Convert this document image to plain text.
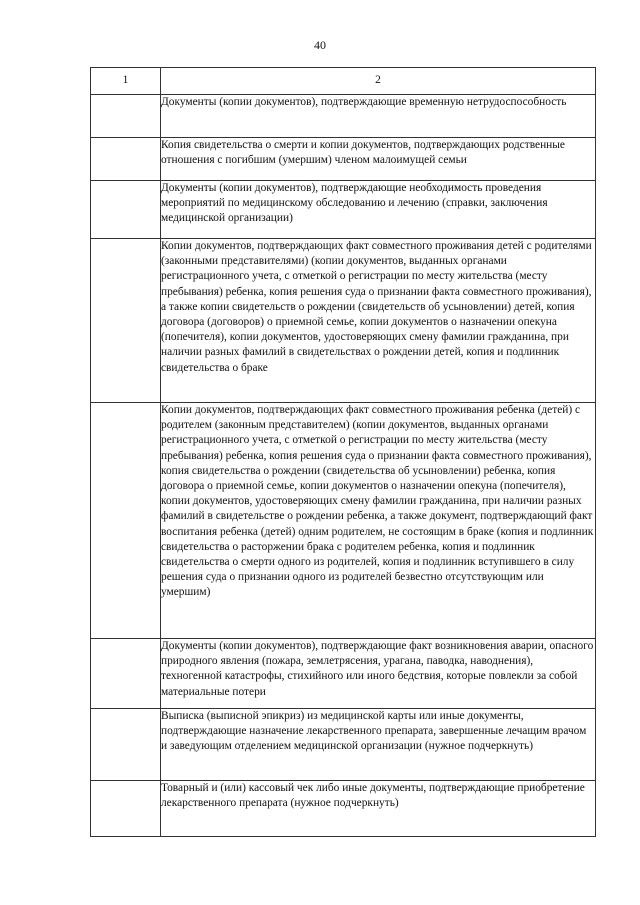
40
1	2
	Документы (копии документов), подтверждающие временную нетрудоспособность
	Копия свидетельства о смерти и копии документов, подтверждающих родственные отношения с погибшим (умершим) членом малоимущей семьи
	Документы (копии документов), подтверждающие необходимость проведения мероприятий по медицинскому обследованию и лечению (справки, заключения медицинской организации)
	Копии документов, подтверждающих факт совместного проживания детей с родителями (законными представителями) (копии документов, выданных органами регистрационного учета, с отметкой о регистрации по месту жительства (месту пребывания) ребенка, копия решения суда о признании факта совместного проживания), а также копии свидетельств о рождении (свидетельств об усыновлении) детей, копия договора (договоров) о приемной семье, копии документов о назначении опекуна (попечителя), копии документов, удостоверяющих смену фамилии гражданина, при наличии разных фамилий в свидетельствах о рождении детей, копия и подлинник свидетельства о браке
	Копии документов, подтверждающих факт совместного проживания ребенка (детей) с родителем (законным представителем) (копии документов, выданных органами регистрационного учета, с отметкой о регистрации по месту жительства (месту пребывания) ребенка, копия решения суда о признании факта совместного проживания), копия свидетельства о рождении (свидетельства об усыновлении) ребенка, копия договора о приемной семье, копии документов о назначении опекуна (попечителя), копии документов, удостоверяющих смену фамилии гражданина, при наличии разных фамилий в свидетельстве о рождении ребенка, а также документ, подтверждающий факт воспитания ребенка (детей) одним родителем, не состоящим в браке (копия и подлинник свидетельства о расторжении брака с родителем ребенка, копия и подлинник свидетельства о смерти одного из родителей, копия и подлинник вступившего в силу решения суда о признании одного из родителей безвестно отсутствующим или умершим)
	Документы (копии документов), подтверждающие факт возникновения аварии, опасного природного явления (пожара, землетрясения, урагана, паводка, наводнения), техногенной катастрофы, стихийного или иного бедствия, которые повлекли за собой материальные потери
	Выписка (выписной эпикриз) из медицинской карты или иные документы, подтверждающие назначение лекарственного препарата, завершенные лечащим врачом и заведующим отделением медицинской организации (нужное подчеркнуть)
	Товарный и (или) кассовый чек либо иные документы, подтверждающие приобретение лекарственного препарата (нужное подчеркнуть)
